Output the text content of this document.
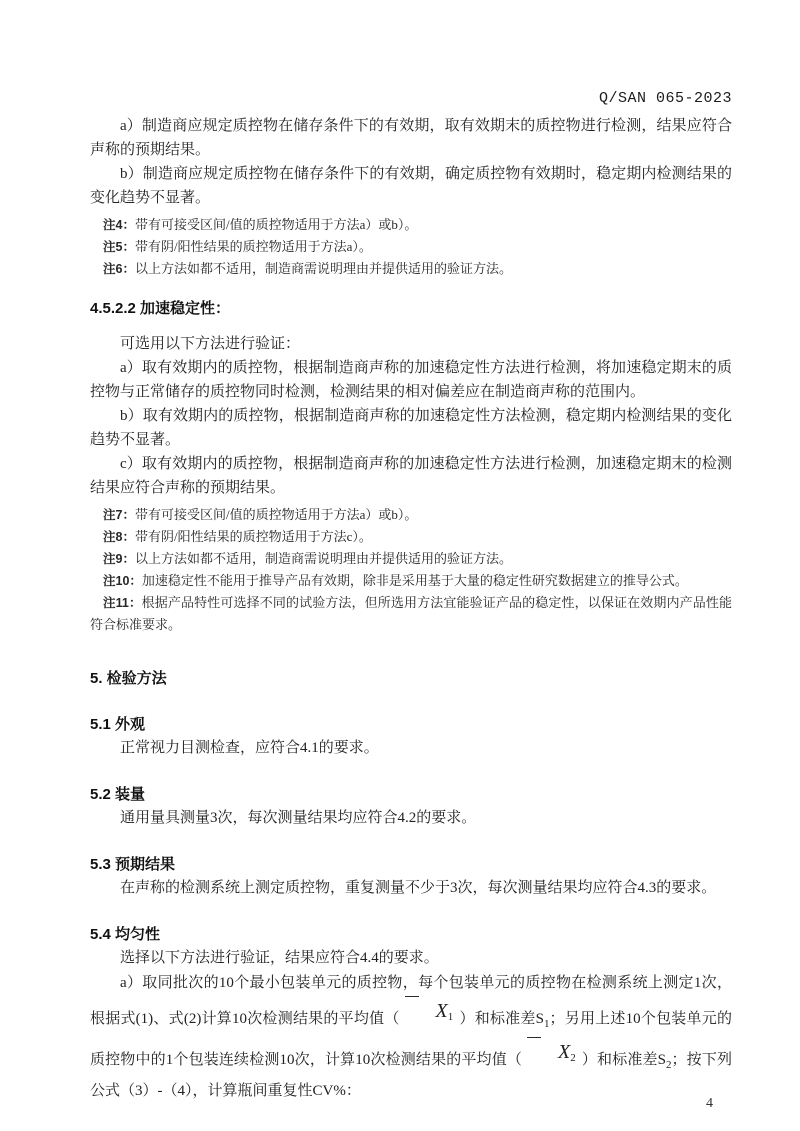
Q/SAN 065-2023

a）制造商应规定质控物在储存条件下的有效期，取有效期末的质控物进行检测，结果应符合声称的预期结果。

b）制造商应规定质控物在储存条件下的有效期，确定质控物有效期时，稳定期内检测结果的变化趋势不显著。

注4：带有可接受区间/值的质控物适用于方法a）或b）。

注5：带有阴/阳性结果的质控物适用于方法a）。

注6：以上方法如都不适用，制造商需说明理由并提供适用的验证方法。

4.5.2.2 加速稳定性：

可选用以下方法进行验证：

a）取有效期内的质控物，根据制造商声称的加速稳定性方法进行检测，将加速稳定期末的质控物与正常储存的质控物同时检测，检测结果的相对偏差应在制造商声称的范围内。

b）取有效期内的质控物，根据制造商声称的加速稳定性方法检测，稳定期内检测结果的变化趋势不显著。

c）取有效期内的质控物，根据制造商声称的加速稳定性方法进行检测，加速稳定期末的检测结果应符合声称的预期结果。

注7：带有可接受区间/值的质控物适用于方法a）或b）。

注8：带有阴/阳性结果的质控物适用于方法c）。

注9：以上方法如都不适用，制造商需说明理由并提供适用的验证方法。

注10：加速稳定性不能用于推导产品有效期，除非是采用基于大量的稳定性研究数据建立的推导公式。

注11：根据产品特性可选择不同的试验方法，但所选用方法宜能验证产品的稳定性，以保证在效期内产品性能符合标准要求。

5. 检验方法

5.1 外观

正常视力目测检查，应符合4.1的要求。

5.2 装量

通用量具测量3次，每次测量结果均应符合4.2的要求。

5.3 预期结果

在声称的检测系统上测定质控物，重复测量不少于3次，每次测量结果均应符合4.3的要求。

5.4 均匀性

选择以下方法进行验证，结果应符合4.4的要求。

a）取同批次的10个最小包装单元的质控物，每个包装单元的质控物在检测系统上测定1次，根据式(1)、式(2)计算10次检测结果的平均值（ $X_1$ ）和标准差$S_1$；另用上述10个包装单元的质控物中的1个包装连续检测10次，计算10次检测结果的平均值（ $X_2$ ）和标准差$S_2$；按下列公式（3）-（4），计算瓶间重复性CV%：

4
